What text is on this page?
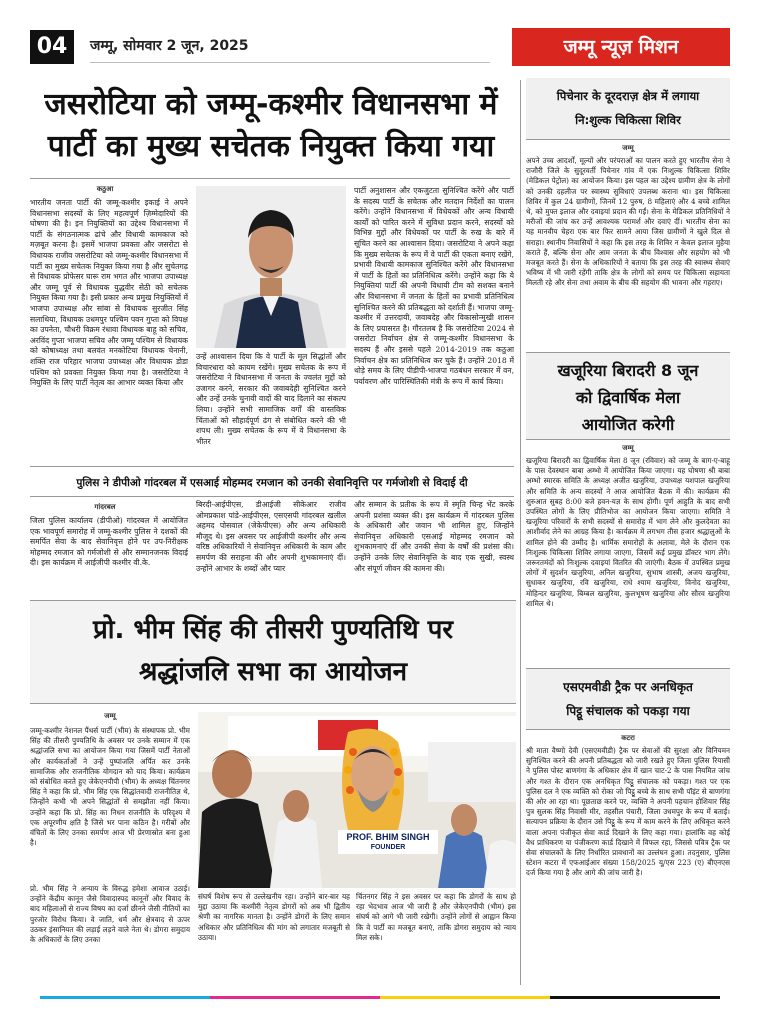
04	जम्मू, सोमवार 2 जून, 2025	जम्मू न्यूज़ मिशन
जसरोटिया को जम्मू-कश्मीर विधानसभा में
पार्टी का मुख्य सचेतक नियुक्त किया गया
कठुआ
भारतीय जनता पार्टी की जम्मू-कश्मीर इकाई ने अपने विधानसभा सदस्यों के लिए महत्वपूर्ण ज़िम्मेदारियों की घोषणा की है। इन नियुक्तियों का उद्देश्य विधानसभा में पार्टी के संगठनात्मक ढांचे और विधायी कामकाज को मज़बूत करना है। इसमें भाजपा प्रवक्ता और जसरोटा से विधायक राजीव जसरोटिया को जम्मू-कश्मीर विधानसभा में पार्टी का मुख्य सचेतक नियुक्त किया गया है और सुचेतगढ़ से विधायक प्रोफेसर घारू राम भगत और भाजपा उपाध्यक्ष और जम्मू पूर्व से विधायक युद्धवीर सेठी को सचेतक नियुक्त किया गया है। इसी प्रकार अन्य प्रमुख नियुक्तियों में भाजपा उपाध्यक्ष और सांबा से विधायक सुरजीत सिंह सलाथिया, विधायक उधमपुर पश्चिम पवन गुप्ता को विपक्ष का उपनेता, चौधरी विक्रम रंधावा विधायक बाहू को सचिव, अरविंद गुप्ता भाजपा सचिव और जम्मू पश्चिम से विधायक को कोषाध्यक्ष तथा बलवंत मनकोटिया विधायक चेनानी, शक्ति राज परिहार भाजपा उपाध्यक्ष और विधायक डोडा पश्चिम को प्रवक्ता नियुक्त किया गया है। जसरोटिया ने नियुक्ति के लिए पार्टी नेतृत्व का आभार व्यक्त किया और
उन्हें आश्वासन दिया कि वे पार्टी के मूल सिद्धांतों और विचारधारा को कायम रखेंगे। मुख्य सचेतक के रूप में जसरोटिया ने विधानसभा में जनता के ज्वलंत मुद्दों को उजागर करने, सरकार की जवाबदेही सुनिश्चित करने और उन्हें उनके चुनावी वादों की याद दिलाने का संकल्प लिया। उन्होंने सभी सामाजिक वर्गों की वास्तविक चिंताओं को सौहार्दपूर्ण ढंग से संबोधित करने की भी शपथ ली। मुख्य सचेतक के रूप में वे विधानसभा के भीतर
पार्टी अनुशासन और एकजुटता सुनिश्चित करेंगे और पार्टी के सदस्य पार्टी के सचेतक और मतदान निर्देशों का पालन करेंगे। उन्होंने विधानसभा में विधेयकों और अन्य विधायी कार्यों को पारित करने में सुविधा प्रदान करने, सदस्यों को विभिन्न मुद्दों और विधेयकों पर पार्टी के रुख के बारे में सूचित करने का आश्वासन दिया। जसरोटिया ने अपने कहा कि मुख्य सचेतक के रूप में वे पार्टी की एकता बनाए रखेंगे, प्रभावी विधायी कामकाज सुनिश्चित करेंगे और विधानसभा में पार्टी के हितों का प्रतिनिधित्व करेंगे। उन्होंने कहा कि ये नियुक्तियां पार्टी की अपनी विधायी टीम को सशक्त बनाने और विधानसभा में जनता के हितों का प्रभावी प्रतिनिधित्व सुनिश्चित करने की प्रतिबद्धता को दर्शाती हैं। भाजपा जम्मू-कश्मीर में उत्तरदायी, जवाबदेह और विकासोन्मुखी शासन के लिए प्रयासरत है। गौरतलब है कि जसरोटिया 2024 से जसरोटा निर्वाचन क्षेत्र से जम्मू-कश्मीर विधानसभा के सदस्य हैं और इससे पहले 2014-2019 तक कठुआ निर्वाचन क्षेत्र का प्रतिनिधित्व कर चुके हैं। उन्होंने 2018 में थोड़े समय के लिए पीडीपी-भाजपा गठबंधन सरकार में वन, पर्यावरण और पारिस्थितिकी मंत्री के रूप में कार्य किया।
पुलिस ने डीपीओ गांदरबल में एसआई मोहम्मद रमजान को उनकी सेवानिवृत्ति पर गर्मजोशी से विदाई दी
गांदरबल
जिला पुलिस कार्यालय (डीपीओ) गांदरबल में आयोजित एक भावपूर्ण समारोह में जम्मू-कश्मीर पुलिस ने दशकों की समर्पित सेवा के बाद सेवानिवृत्त होने पर उप-निरीक्षक मोहम्मद रमजान को गर्मजोशी से और सम्मानजनक विदाई दी। इस कार्यक्रम में आईजीपी कश्मीर वी.के.
बिरदी-आईपीएस, डीआईजी सीकेआर राजीव ओमप्रकाश पांडे-आईपीएस, एसएसपी गांदरबल खलील अहमद पोसवाल (जेकेपीएस) और अन्य अधिकारी मौजूद थे। इस अवसर पर आईजीपी कश्मीर और अन्य वरिष्ठ अधिकारियों ने सेवानिवृत्त अधिकारी के काम और समर्पण की सराहना की और अपनी शुभकामनाएं दीं। उन्होंने आभार के शब्दों और प्यार
और सम्मान के प्रतीक के रूप में स्मृति चिन्ह भेंट करके अपनी प्रशंसा व्यक्त की। इस कार्यक्रम में गांदरबल पुलिस के अधिकारी और जवान भी शामिल हुए, जिन्होंने सेवानिवृत्त अधिकारी एसआई मोहम्मद रमजान को शुभकामनाएं दीं और उनकी सेवा के वर्षों की प्रशंसा की। उन्होंने उनके लिए सेवानिवृत्ति के बाद एक सुखी, स्वस्थ और संपूर्ण जीवन की कामना की।
प्रो. भीम सिंह की तीसरी पुण्यतिथि पर
श्रद्धांजलि सभा का आयोजन
जम्मू
जम्मू-कश्मीर नेशनल पैंथर्स पार्टी (भीम) के संस्थापक प्रो. भीम सिंह की तीसरी पुण्यतिथि के अवसर पर उनके सम्मान में एक श्रद्धांजलि सभा का आयोजन किया गया जिसमें पार्टी नेताओं और कार्यकर्ताओं ने उन्हें पुष्पांजलि अर्पित कर उनके सामाजिक और राजनीतिक योगदान को याद किया। कार्यक्रम को संबोधित करते हुए जेकेएनपीपी (भीम) के अध्यक्ष चिंतनगर सिंह ने कहा कि प्रो. भीम सिंह एक सिद्धांतवादी राजनीतिज्ञ थे, जिन्होंने कभी भी अपने सिद्धांतों से समझौता नहीं किया। उन्होंने कहा कि प्रो. सिंह का निधन राजनीति के परिदृश्य में एक अपूरणीय क्षति है जिसे भर पाना कठिन है। गरीबों और वंचितों के लिए उनका समर्पण आज भी प्रेरणास्रोत बना हुआ है।
प्रो. भीम सिंह ने अन्याय के विरुद्ध हमेशा आवाज उठाई। उन्होंने केंद्रीय कानून जैसे विवादास्पद कानूनों और विवाद के बाद महिलाओं से राज्य विषय का दर्जा छीनने जैसी नीतियों का पुरजोर विरोध किया। वे जाति, धर्म और क्षेत्रवाद से ऊपर उठकर इंसानियत की लड़ाई लड़ने वाले नेता थे। डोगरा समुदाय के अधिकारों के लिए उनका
PROF. BHIM SINGH
FOUNDER
संघर्ष विशेष रूप से उल्लेखनीय रहा। उन्होंने बार-बार यह मुद्दा उठाया कि कश्मीरी नेतृत्व डोगरों को अब भी द्वितीय श्रेणी का नागरिक मानता है। उन्होंने डोगरों के लिए समान अधिकार और प्रतिनिधित्व की मांग को लगातार मजबूती से उठाया।
चिंतनगर सिंह ने इस अवसर पर कहा कि डोगरों के साथ हो रहा भेदभाव आज भी जारी है और जेकेएनपीपी (भीम) इस संघर्ष को आगे भी जारी रखेगी। उन्होंने लोगों से आह्वान किया कि वे पार्टी का मजबूत बनाएं, ताकि डोगरा समुदाय को न्याय मिल सके।
पिचेनार के दूरदराज़ क्षेत्र में लगाया
नि:शुल्क चिकित्सा शिविर
जम्मू
अपने उच्च आदर्शों, मूल्यों और परंपराओं का पालन करते हुए भारतीय सेना ने राजौरी जिले के सुदूरवर्ती पिचेनार गांव में एक निःशुल्क चिकित्सा शिविर (मेडिकल पेट्रोल) का आयोजन किया। इस पहल का उद्देश्य ग्रामीण क्षेत्र के लोगों को उनकी दहलीज पर स्वास्थ्य सुविधाएं उपलब्ध कराना था। इस चिकित्सा शिविर में कुल 24 ग्रामीणों, जिनमें 12 पुरुष, 8 महिलाएं और 4 बच्चे शामिल थे, को मुफ्त इलाज और दवाइयां प्रदान की गईं। सेना के मेडिकल प्रतिनिधियों ने मरीजों की जांच कर उन्हें आवश्यक परामर्श और दवाएं दीं। भारतीय सेना का यह मानवीय चेहरा एक बार फिर सामने आया जिस ग्रामीणों ने खुले दिल से सराहा। स्थानीय निवासियों ने कहा कि इस तरह के शिविर न केवल इलाज मुहैया कराते हैं, बल्कि सेना और आम जनता के बीच विश्वास और सहयोग को भी मजबूत करते हैं। सेना के अधिकारियों ने बताया कि इस तरह की स्वास्थ्य सेवाएं भविष्य में भी जारी रहेंगी ताकि क्षेत्र के लोगों को समय पर चिकित्सा सहायता मिलती रहे और सेना तथा अवाम के बीच की सहयोग की भावना और गहराए।
खजूरिया बिरादरी 8 जून
को द्विवार्षिक मेला
आयोजित करेगी
जम्मू
खजूरिया बिरादरी का द्विवार्षिक मेला 8 जून (रविवार) को जम्मू के बाग-ए-बाहू के पास देवस्थान बाबा अम्भो में आयोजित किया जाएगा। यह घोषणा श्री बाबा अम्भो स्मारक समिति के अध्यक्ष अजीत खजुरिया, उपाध्यक्ष यशपाल खजुरिया और समिति के अन्य सदस्यों ने आज आयोजित बैठक में की। कार्यक्रम की शुरुआत सुबह 8:00 बजे हवन-यज्ञ के साथ होगी। पूर्ण आहुति के बाद सभी उपस्थित लोगों के लिए प्रीतिभोज का आयोजन किया जाएगा। समिति ने खजूरिया परिवारों के सभी सदस्यों से समारोह में भाग लेने और कुलदेवता का आशीर्वाद लेने का आग्रह किया है। कार्यक्रम में लगभग तीस हजार श्रद्धालुओं के शामिल होने की उम्मीद है। धार्मिक समारोहों के अलावा, मेले के दौरान एक निःशुल्क चिकित्सा शिविर लगाया जाएगा, जिसमें कई प्रमुख डॉक्टर भाग लेंगे। जरूरतमंदों को निःशुल्क दवाइयां वितरित की जाएंगी। बैठक में उपस्थित प्रमुख लोगों में सुदर्शन खजुरिया, अनिल खजुरिया, सुभाष शास्त्री, अजय खजुरिया, सुधाकर खजुरिया, रवि खजुरिया, राधे श्याम खजुरिया, विनोद खजुरिया, मोहिन्दर खजुरिया, बिम्बल खजुरिया, कुलभूषण खजुरिया और सौरव खजुरिया शामिल थे।
एसएमवीडी ट्रैक पर अनधिकृत
पिट्ठू संचालक को पकड़ा गया
कटरा
श्री माता वैष्णो देवी (एसएमवीडी) ट्रैक पर सेवाओं की सुरक्षा और विनियमन सुनिश्चित करने की अपनी प्रतिबद्धता को जारी रखते हुए जिला पुलिस रियासी ने पुलिस पोस्ट बाणगंगा के अधिकार क्षेत्र में खान चाट-2 के पास नियमित जांच और गश्त के दौरान एक अनधिकृत पिट्ठू संचालक को पकड़ा। गश्त पर एक पुलिस दल ने एक व्यक्ति को रोका जो पिट्ठू बच्चे के साथ सभी पॉइंट से बाणगंगा की ओर आ रहा था। पूछताछ करने पर, व्यक्ति ने अपनी पहचान होशियार सिंह पुत्र सुलक सिंह निवासी मीर, तहसील पंचारी, जिला उधमपुर के रूप में बताई। सत्यापन प्रक्रिया के दौरान उसे पिट्ठू के रूप में काम करने के लिए अधिकृत करने वाला अपना पंजीकृत सेवा कार्ड दिखाने के लिए कहा गया। हालांकि वह कोई वैध प्राधिकरण या पंजीकरण कार्ड दिखाने में विफल रहा, जिससे पवित्र ट्रैक पर सेवा संचालकों के लिए निर्धारित प्रावधानों का उल्लंघन हुआ। तदनुसार, पुलिस स्टेशन कटरा में एफआईआर संख्या 158/2025 यू/एस 223 (ए) बीएनएस दर्ज किया गया है और आगे की जांच जारी है।
